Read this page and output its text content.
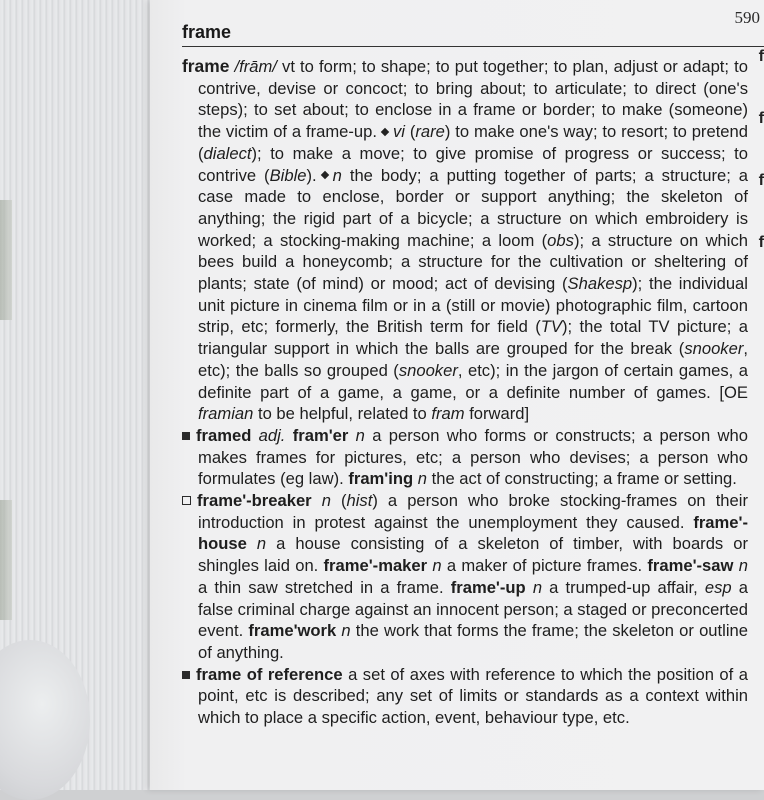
590
frame
f
f
f
f

frame /frām/ vt to form; to shape; to put together; to plan, adjust or adapt; to contrive, devise or concoct; to bring about; to articulate; to direct (one's steps); to set about; to enclose in a frame or border; to make (someone) the victim of a frame-up. vi (rare) to make one's way; to resort; to pretend (dialect); to make a move; to give promise of progress or success; to contrive (Bible). n the body; a putting together of parts; a structure; a case made to enclose, border or support anything; the skeleton of anything; the rigid part of a bicycle; a structure on which embroidery is worked; a stocking-making machine; a loom (obs); a structure on which bees build a honeycomb; a structure for the cultivation or sheltering of plants; state (of mind) or mood; act of devising (Shakesp); the individual unit picture in cinema film or in a (still or movie) photographic film, cartoon strip, etc; formerly, the British term for field (TV); the total TV picture; a triangular support in which the balls are grouped for the break (snooker, etc); the balls so grouped (snooker, etc); in the jargon of certain games, a definite part of a game, a game, or a definite number of games. [OE framian to be helpful, related to fram forward]

framed adj. fram'er n a person who forms or constructs; a person who makes frames for pictures, etc; a person who devises; a person who formulates (eg law). fram'ing n the act of constructing; a frame or setting.

frame'-breaker n (hist) a person who broke stocking-frames on their introduction in protest against the unemployment they caused. frame'-house n a house consisting of a skeleton of timber, with boards or shingles laid on. frame'-maker n a maker of picture frames. frame'-saw n a thin saw stretched in a frame. frame'-up n a trumped-up affair, esp a false criminal charge against an innocent person; a staged or preconcerted event. frame'work n the work that forms the frame; the skeleton or outline of anything.

frame of reference a set of axes with reference to which the position of a point, etc is described; any set of limits or standards as a context within which to place a specific action, event, behaviour type, etc.
